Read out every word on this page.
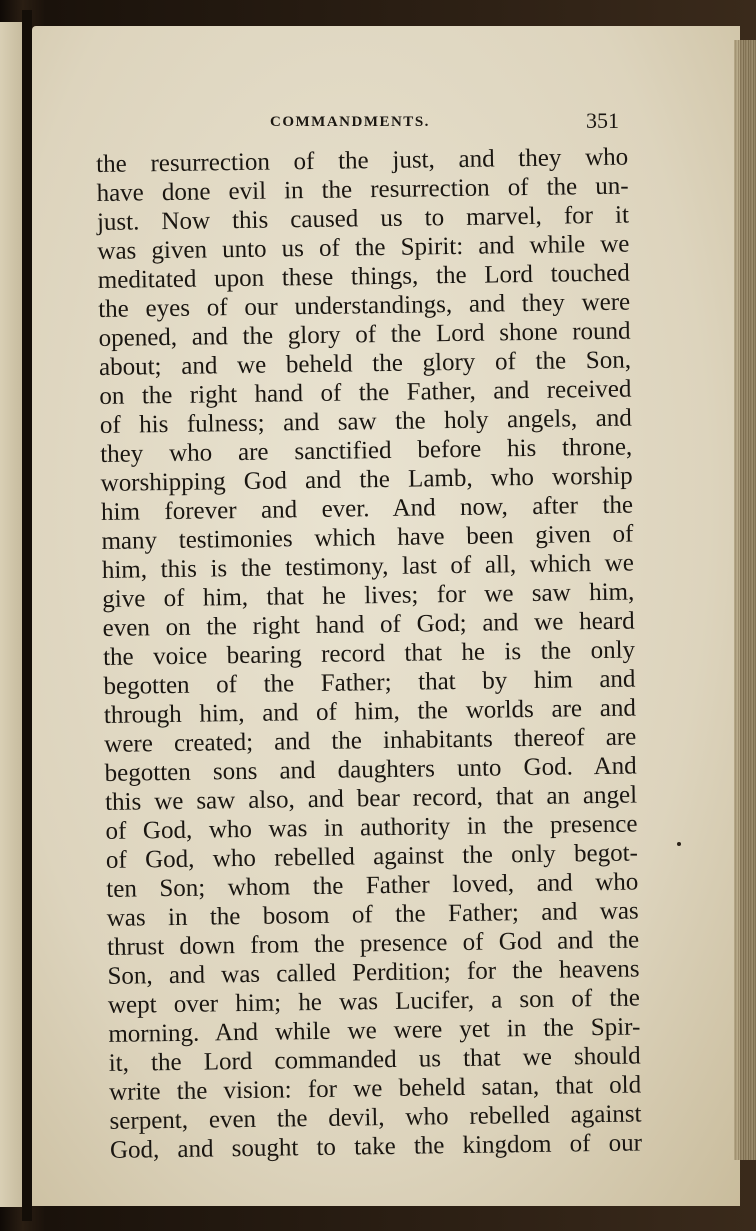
COMMANDMENTS.	351
the resurrection of the just, and they who
have done evil in the resurrection of the un-
just. Now this caused us to marvel, for it
was given unto us of the Spirit: and while we
meditated upon these things, the Lord touched
the eyes of our understandings, and they were
opened, and the glory of the Lord shone round
about; and we beheld the glory of the Son,
on the right hand of the Father, and received
of his fulness; and saw the holy angels, and
they who are sanctified before his throne,
worshipping God and the Lamb, who worship
him forever and ever. And now, after the
many testimonies which have been given of
him, this is the testimony, last of all, which we
give of him, that he lives; for we saw him,
even on the right hand of God; and we heard
the voice bearing record that he is the only
begotten of the Father; that by him and
through him, and of him, the worlds are and
were created; and the inhabitants thereof are
begotten sons and daughters unto God. And
this we saw also, and bear record, that an angel
of God, who was in authority in the presence
of God, who rebelled against the only begot-
ten Son; whom the Father loved, and who
was in the bosom of the Father; and was
thrust down from the presence of God and the
Son, and was called Perdition; for the heavens
wept over him; he was Lucifer, a son of the
morning. And while we were yet in the Spir-
it, the Lord commanded us that we should
write the vision: for we beheld satan, that old
serpent, even the devil, who rebelled against
God, and sought to take the kingdom of our
